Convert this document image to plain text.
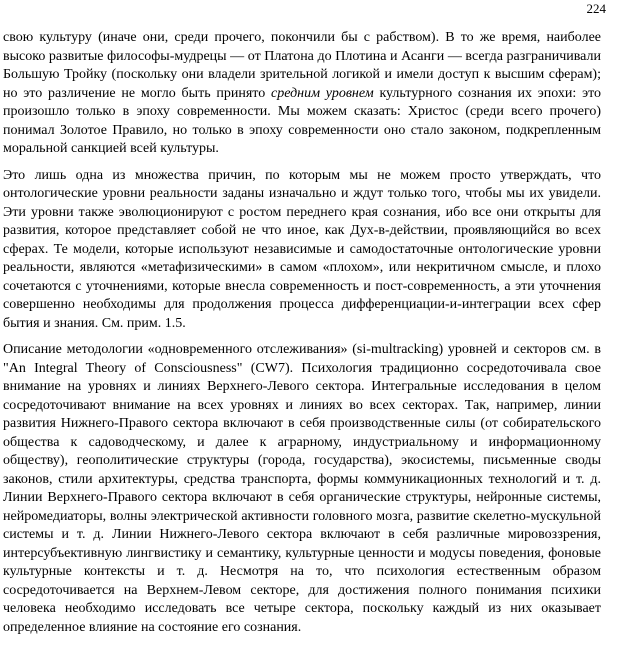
224

свою культуру (иначе они, среди прочего, покончили бы с рабством). В то же время, наиболее высоко развитые философы-мудрецы — от Платона до Плотина и Асанги — всегда разграничивали Большую Тройку (поскольку они владели зрительной логикой и имели доступ к высшим сферам); но это различение не могло быть принято средним уровнем культурного сознания их эпохи: это произошло только в эпоху современности. Мы можем сказать: Христос (среди всего прочего) понимал Золотое Правило, но только в эпоху современности оно стало законом, подкрепленным моральной санкцией всей культуры.

Это лишь одна из множества причин, по которым мы не можем просто утверждать, что онтологические уровни реальности заданы изначально и ждут только того, чтобы мы их увидели. Эти уровни также эволюционируют с ростом переднего края сознания, ибо все они открыты для развития, которое представляет собой не что иное, как Дух-в-действии, проявляющийся во всех сферах. Те модели, которые используют независимые и самодостаточные онтологические уровни реальности, являются «метафизическими» в самом «плохом», или некритичном смысле, и плохо сочетаются с уточнениями, которые внесла современность и пост-современность, а эти уточнения совершенно необходимы для продолжения процесса дифференциации-и-интеграции всех сфер бытия и знания. См. прим. 1.5.

Описание методологии «одновременного отслеживания» (si-multracking) уровней и секторов см. в "An Integral Theory of Consciousness" (CW7). Психология традиционно сосредоточивала свое внимание на уровнях и линиях Верхнего-Левого сектора. Интегральные исследования в целом сосредоточивают внимание на всех уровнях и линиях во всех секторах. Так, например, линии развития Нижнего-Правого сектора включают в себя производственные силы (от собирательского общества к садоводческому, и далее к аграрному, индустриальному и информационному обществу), геополитические структуры (города, государства), экосистемы, письменные своды законов, стили архитектуры, средства транспорта, формы коммуникационных технологий и т. д. Линии Верхнего-Правого сектора включают в себя органические структуры, нейронные системы, нейромедиаторы, волны электрической активности головного мозга, развитие скелетно-мускульной системы и т. д. Линии Нижнего-Левого сектора включают в себя различные мировоззрения, интерсубъективную лингвистику и семантику, культурные ценности и модусы поведения, фоновые культурные контексты и т. д. Несмотря на то, что психология естественным образом сосредоточивается на Верхнем-Левом секторе, для достижения полного понимания психики человека необходимо исследовать все четыре сектора, поскольку каждый из них оказывает определенное влияние на состояние его сознания.
